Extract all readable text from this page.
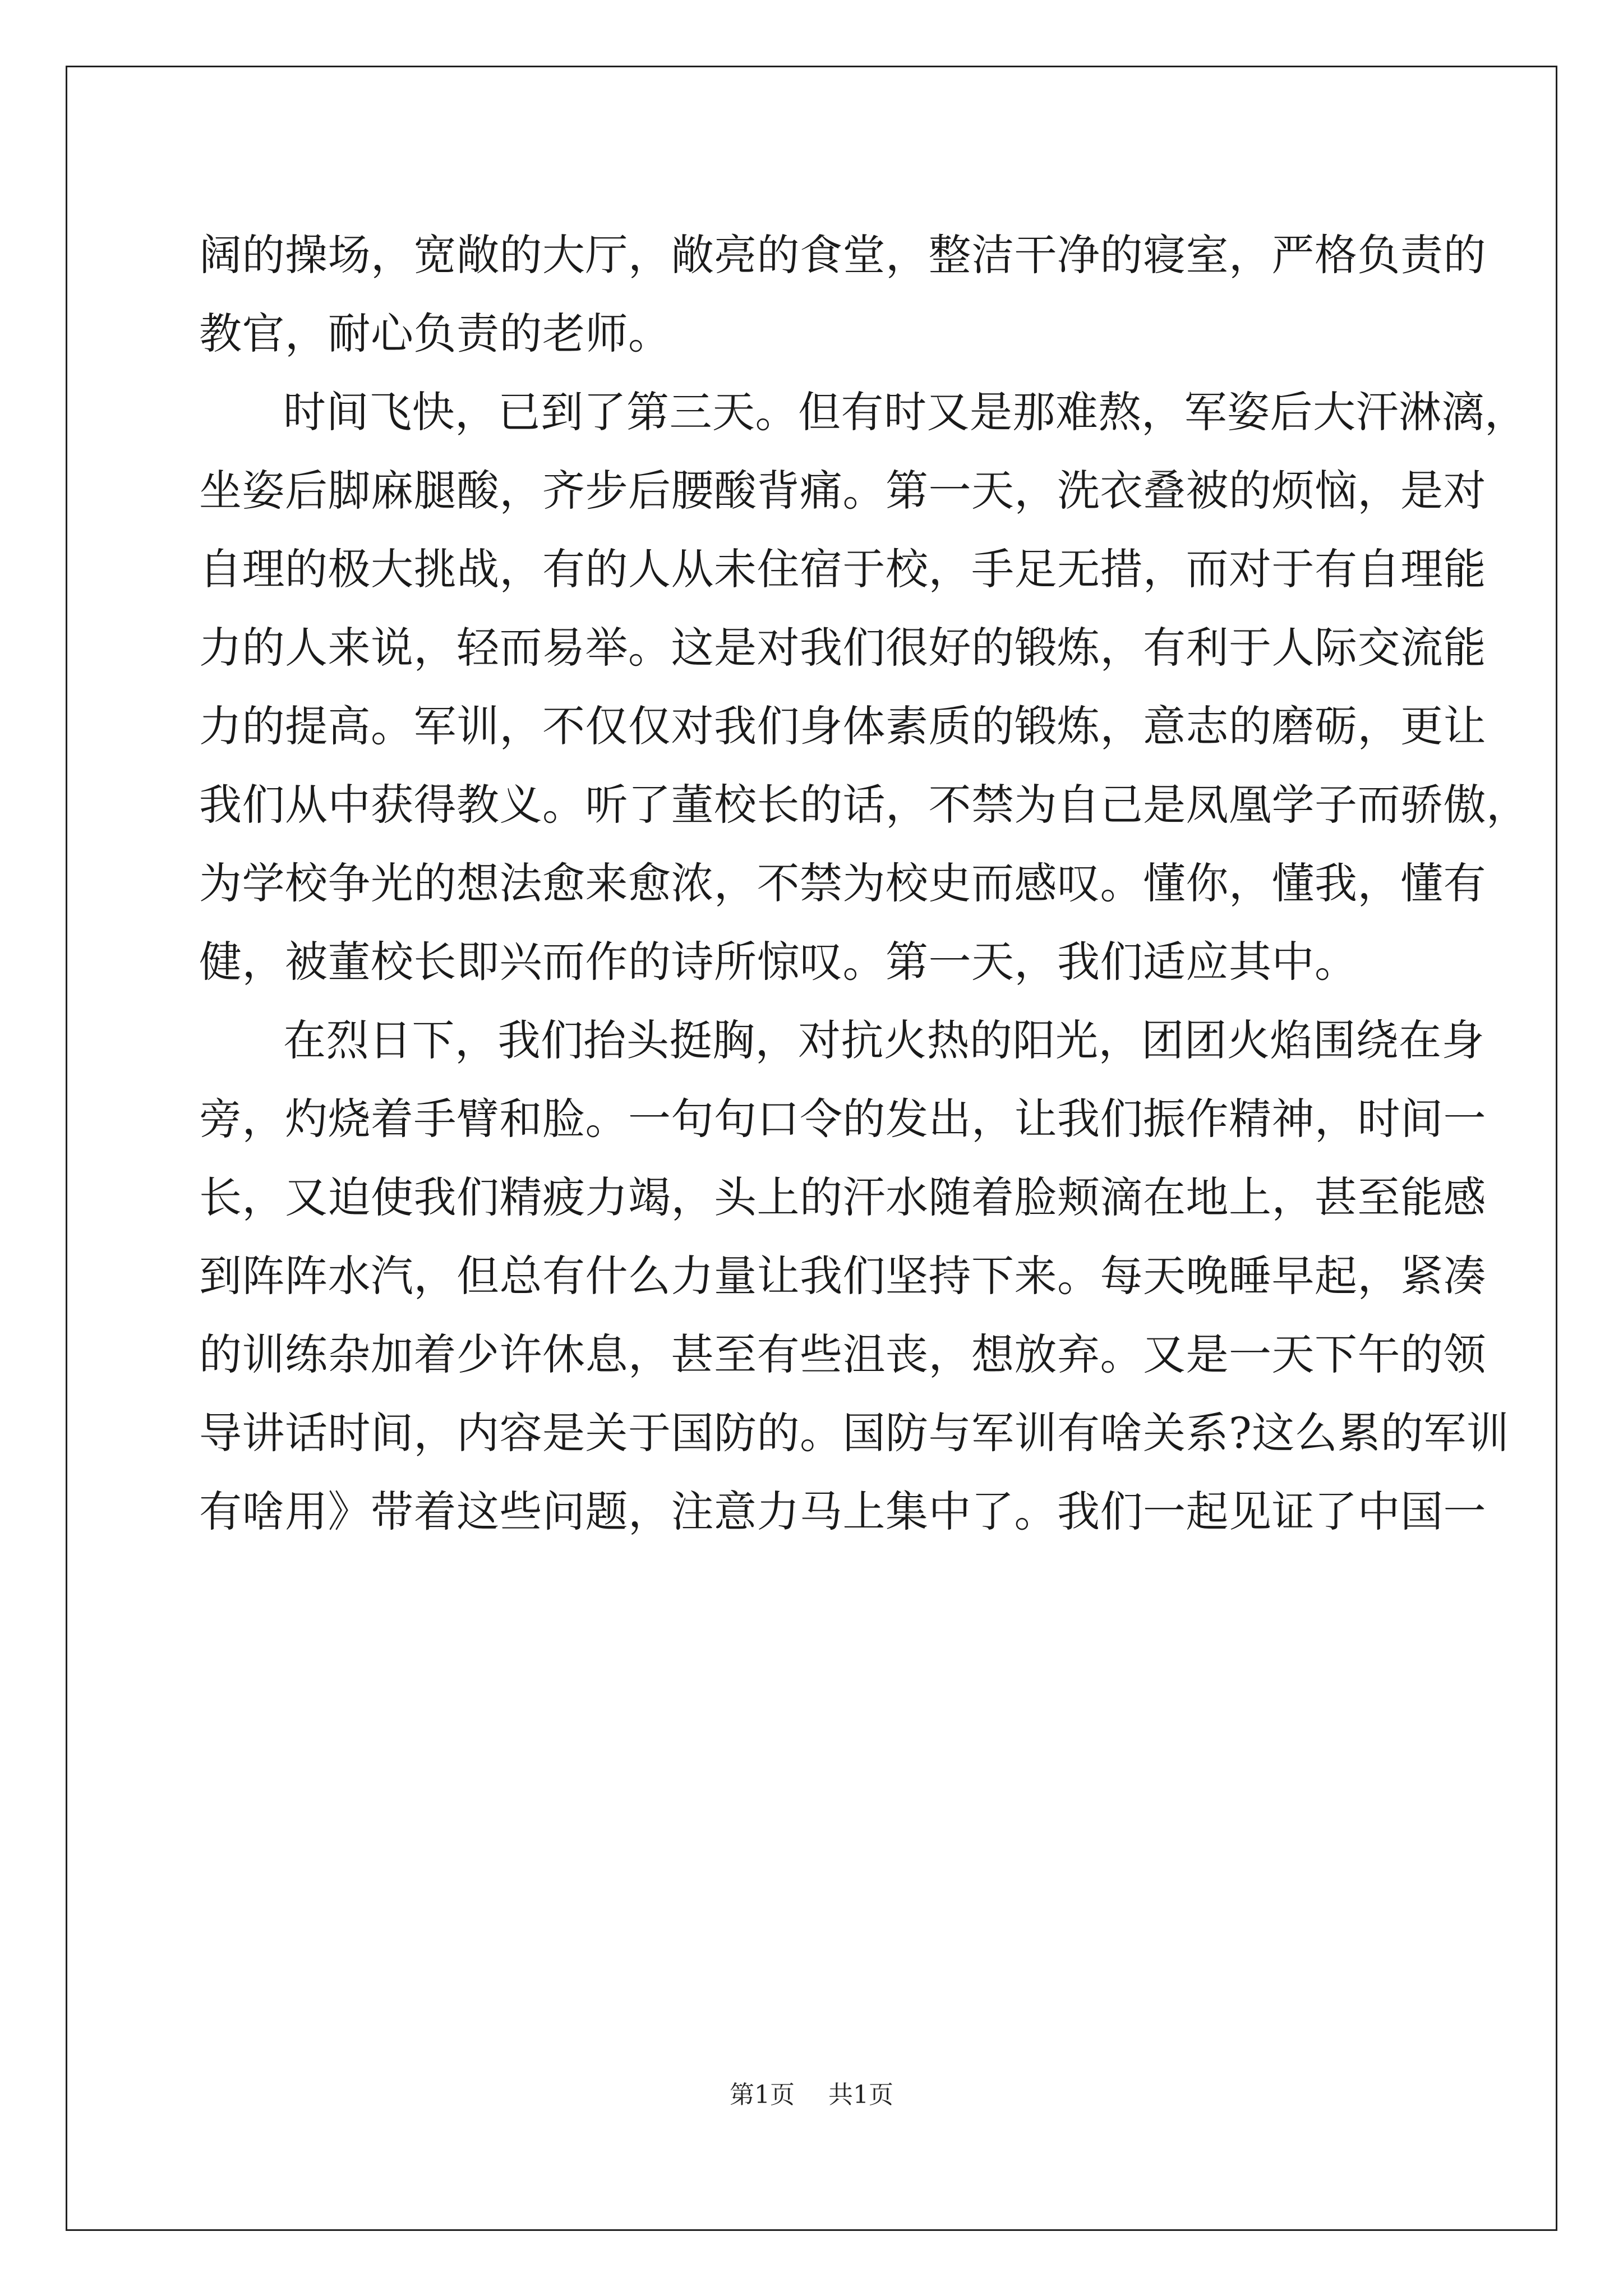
阔的操场，宽敞的大厅，敞亮的食堂，整洁干净的寝室，严格负责的
教官，耐心负责的老师。
时间飞快，已到了第三天。但有时又是那难熬，军姿后大汗淋漓，
坐姿后脚麻腿酸，齐步后腰酸背痛。第一天，洗衣叠被的烦恼，是对
自理的极大挑战，有的人从未住宿于校，手足无措，而对于有自理能
力的人来说，轻而易举。这是对我们很好的锻炼，有利于人际交流能
力的提高。军训，不仅仅对我们身体素质的锻炼，意志的磨砺，更让
我们从中获得教义。听了董校长的话，不禁为自己是凤凰学子而骄傲，
为学校争光的想法愈来愈浓，不禁为校史而感叹。懂你，懂我，懂有
健，被董校长即兴而作的诗所惊叹。第一天，我们适应其中。
在烈日下，我们抬头挺胸，对抗火热的阳光，团团火焰围绕在身
旁，灼烧着手臂和脸。一句句口令的发出，让我们振作精神，时间一
长，又迫使我们精疲力竭，头上的汗水随着脸颊滴在地上，甚至能感
到阵阵水汽，但总有什么力量让我们坚持下来。每天晚睡早起，紧凑
的训练杂加着少许休息，甚至有些沮丧，想放弃。又是一天下午的领
导讲话时间，内容是关于国防的。国防与军训有啥关系?这么累的军训
有啥用》带着这些问题，注意力马上集中了。我们一起见证了中国一
第1页 共1页
